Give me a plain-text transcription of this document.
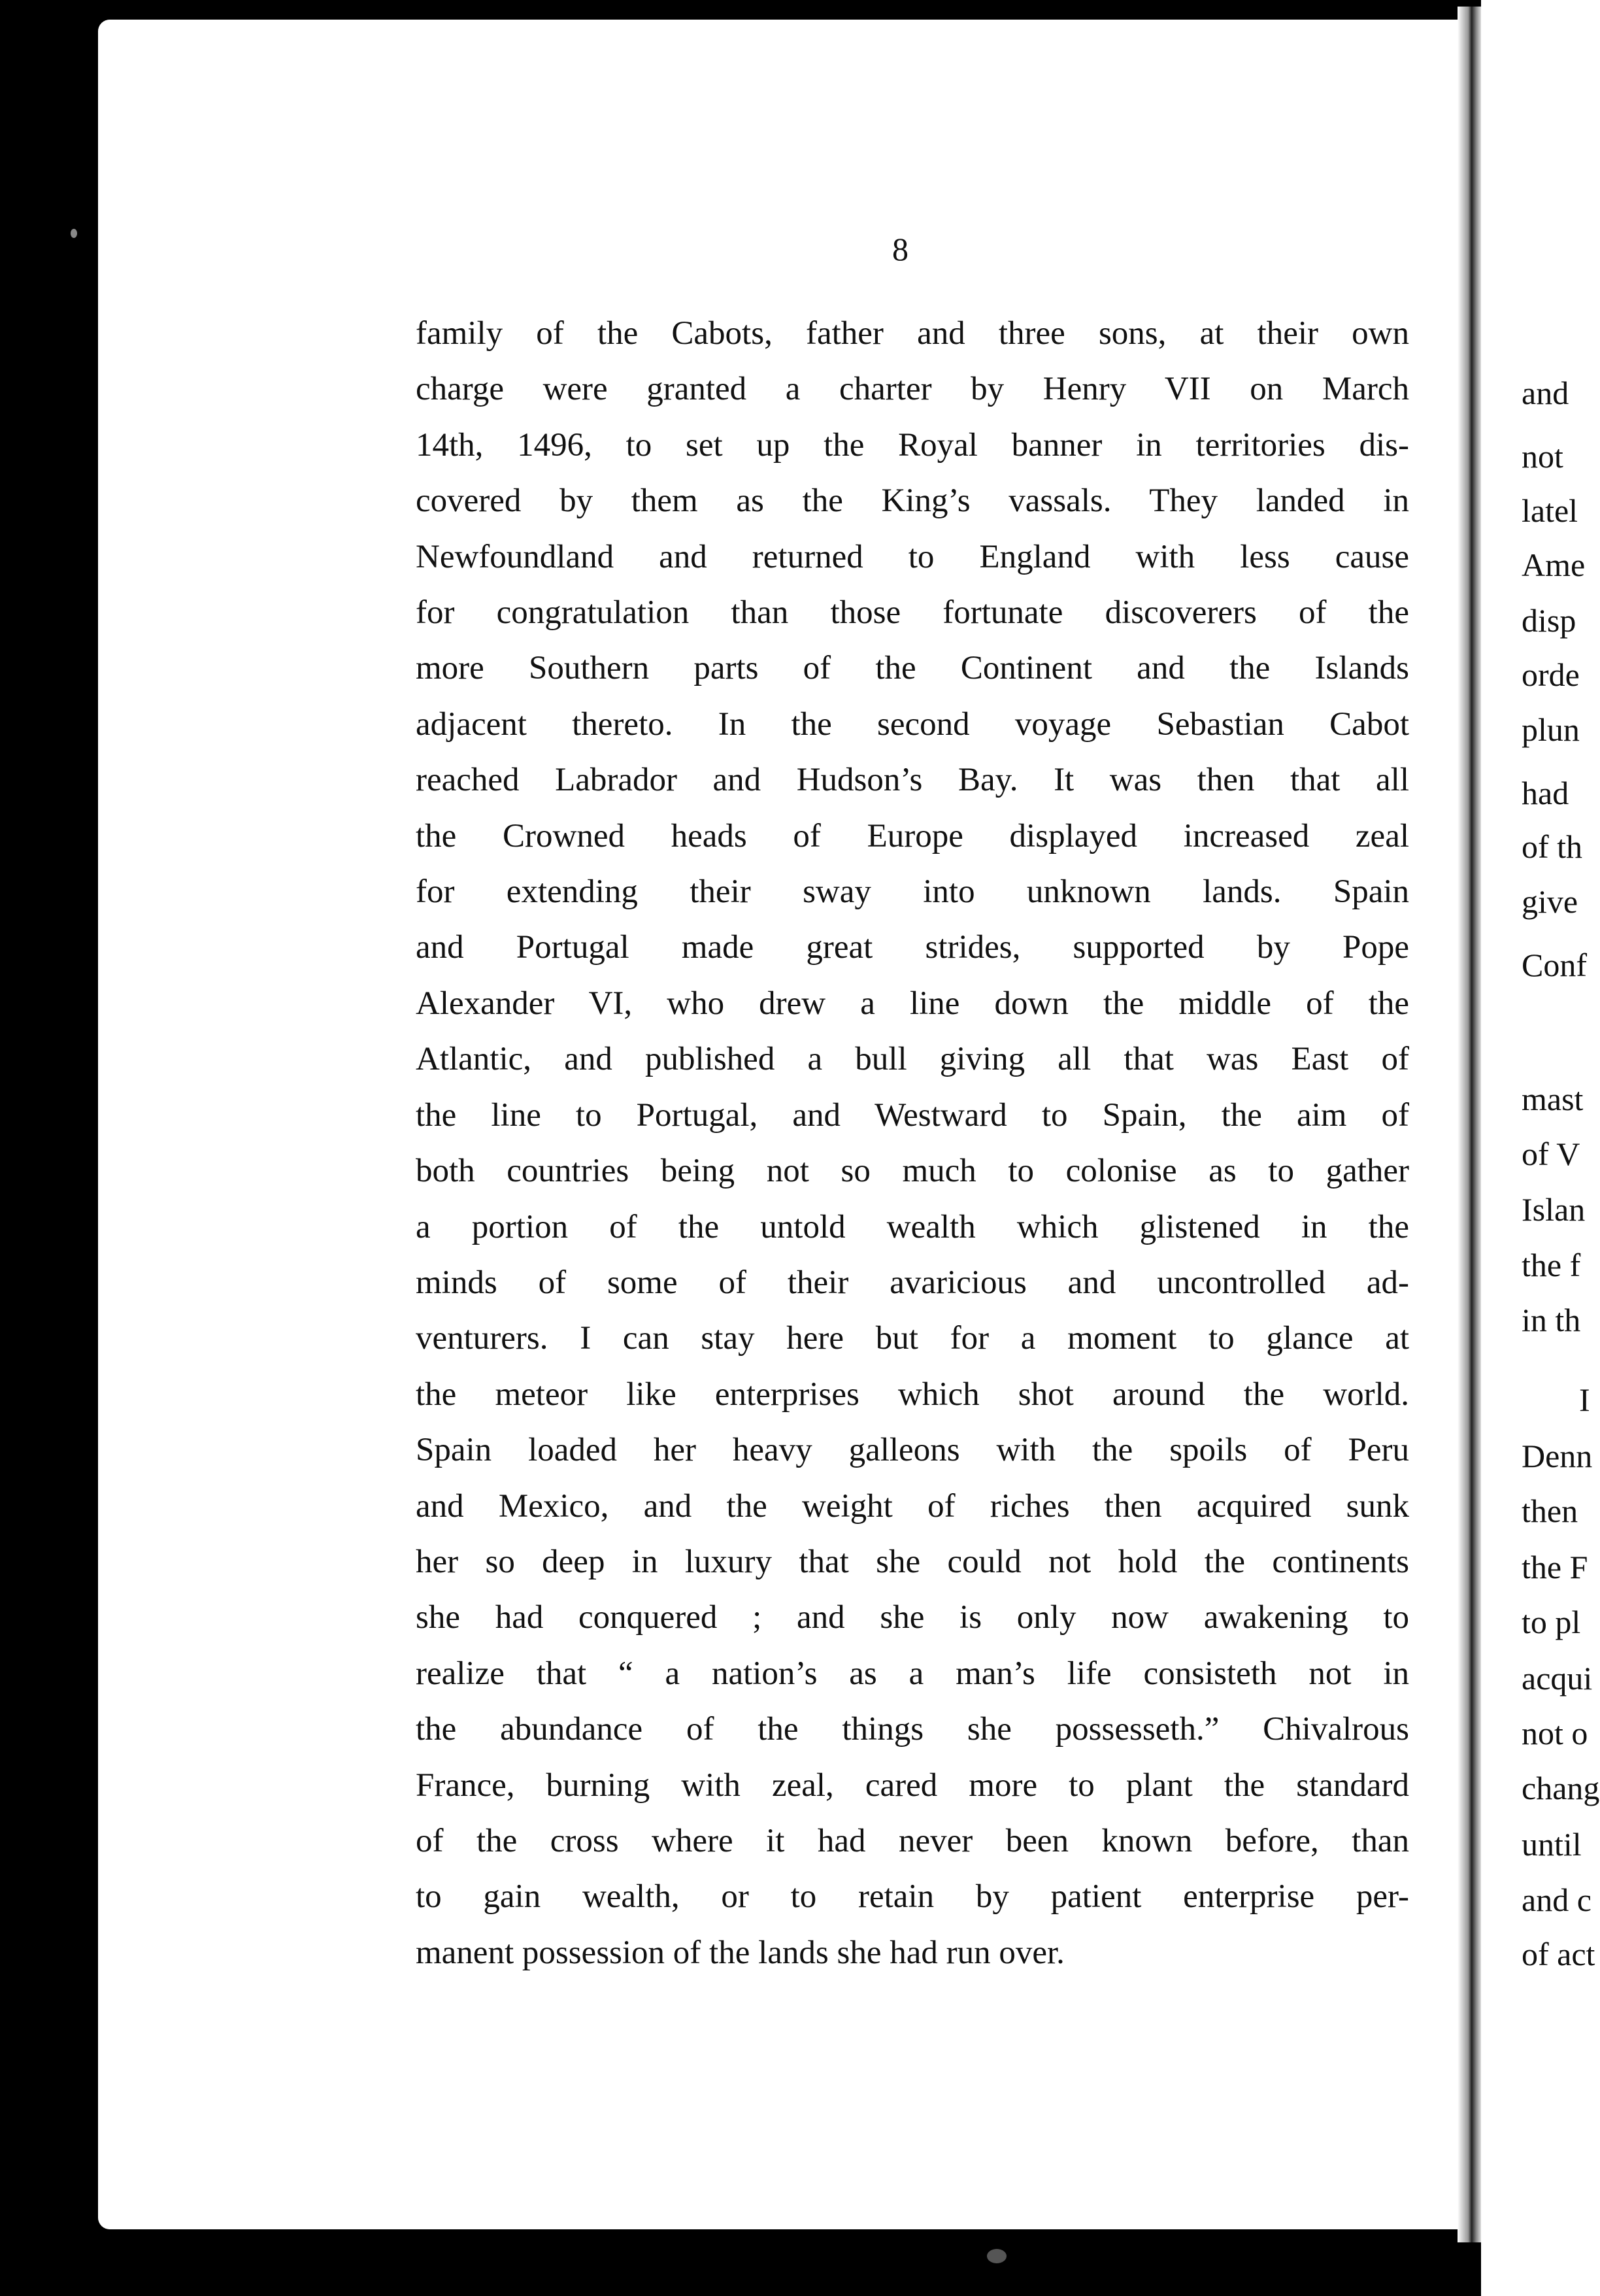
8
family of the Cabots, father and three sons, at their own
charge were granted a charter by Henry VII on March
14th, 1496, to set up the Royal banner in territories dis-
covered by them as the King’s vassals. They landed in
Newfoundland and returned to England with less cause
for congratulation than those fortunate discoverers of the
more Southern parts of the Continent and the Islands
adjacent thereto. In the second voyage Sebastian Cabot
reached Labrador and Hudson’s Bay. It was then that all
the Crowned heads of Europe displayed increased zeal
for extending their sway into unknown lands. Spain
and Portugal made great strides, supported by Pope
Alexander VI, who drew a line down the middle of the
Atlantic, and published a bull giving all that was East of
the line to Portugal, and Westward to Spain, the aim of
both countries being not so much to colonise as to gather
a portion of the untold wealth which glistened in the
minds of some of their avaricious and uncontrolled ad-
venturers. I can stay here but for a moment to glance at
the meteor like enterprises which shot around the world.
Spain loaded her heavy galleons with the spoils of Peru
and Mexico, and the weight of riches then acquired sunk
her so deep in luxury that she could not hold the continents
she had conquered ; and she is only now awakening to
realize that “ a nation’s as a man’s life consisteth not in
the abundance of the things she possesseth.” Chivalrous
France, burning with zeal, cared more to plant the standard
of the cross where it had never been known before, than
to gain wealth, or to retain by patient enterprise per-
manent possession of the lands she had run over.
and
not
latel
Ame
disp
orde
plun
had
of th
give
Conf
mast
of V
Islan
the f
in th
I
Denn
then
the F
to pl
acqui
not o
chang
until
and c
of act
